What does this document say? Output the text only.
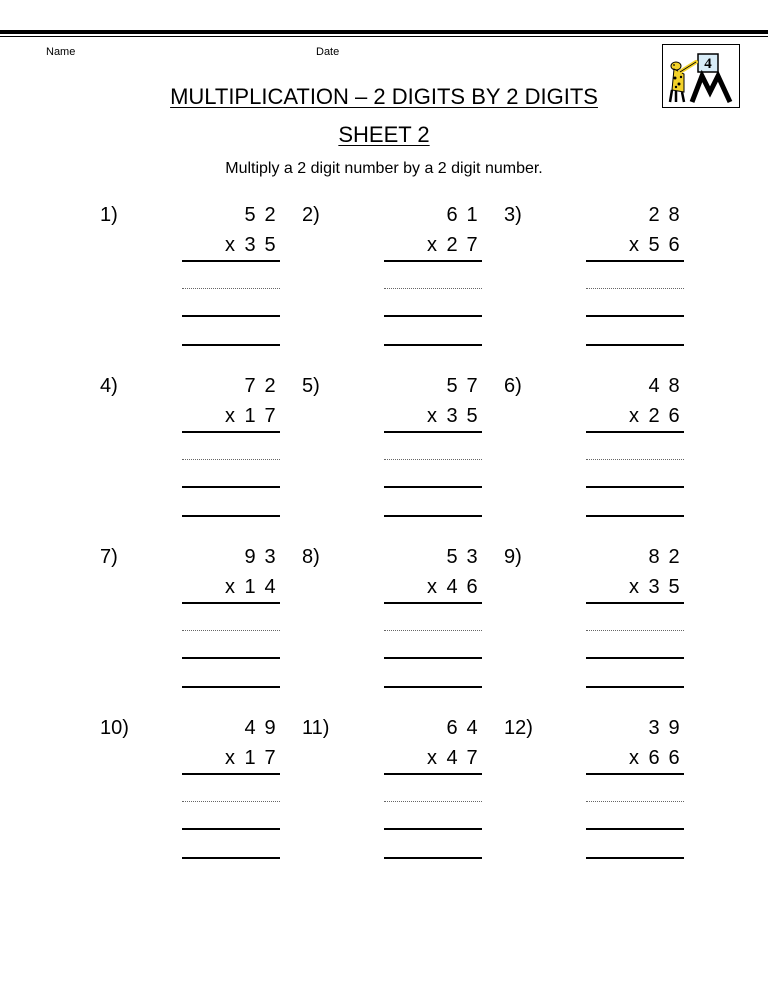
Name	Date
MULTIPLICATION – 2 DIGITS BY 2 DIGITS
SHEET 2
Multiply a 2 digit number by a 2 digit number.
4
1)	5 2
x 3 5
2)	6 1
x 2 7
3)	2 8
x 5 6
4)	7 2
x 1 7
5)	5 7
x 3 5
6)	4 8
x 2 6
7)	9 3
x 1 4
8)	5 3
x 4 6
9)	8 2
x 3 5
10)	4 9
x 1 7
11)	6 4
x 4 7
12)	3 9
x 6 6
